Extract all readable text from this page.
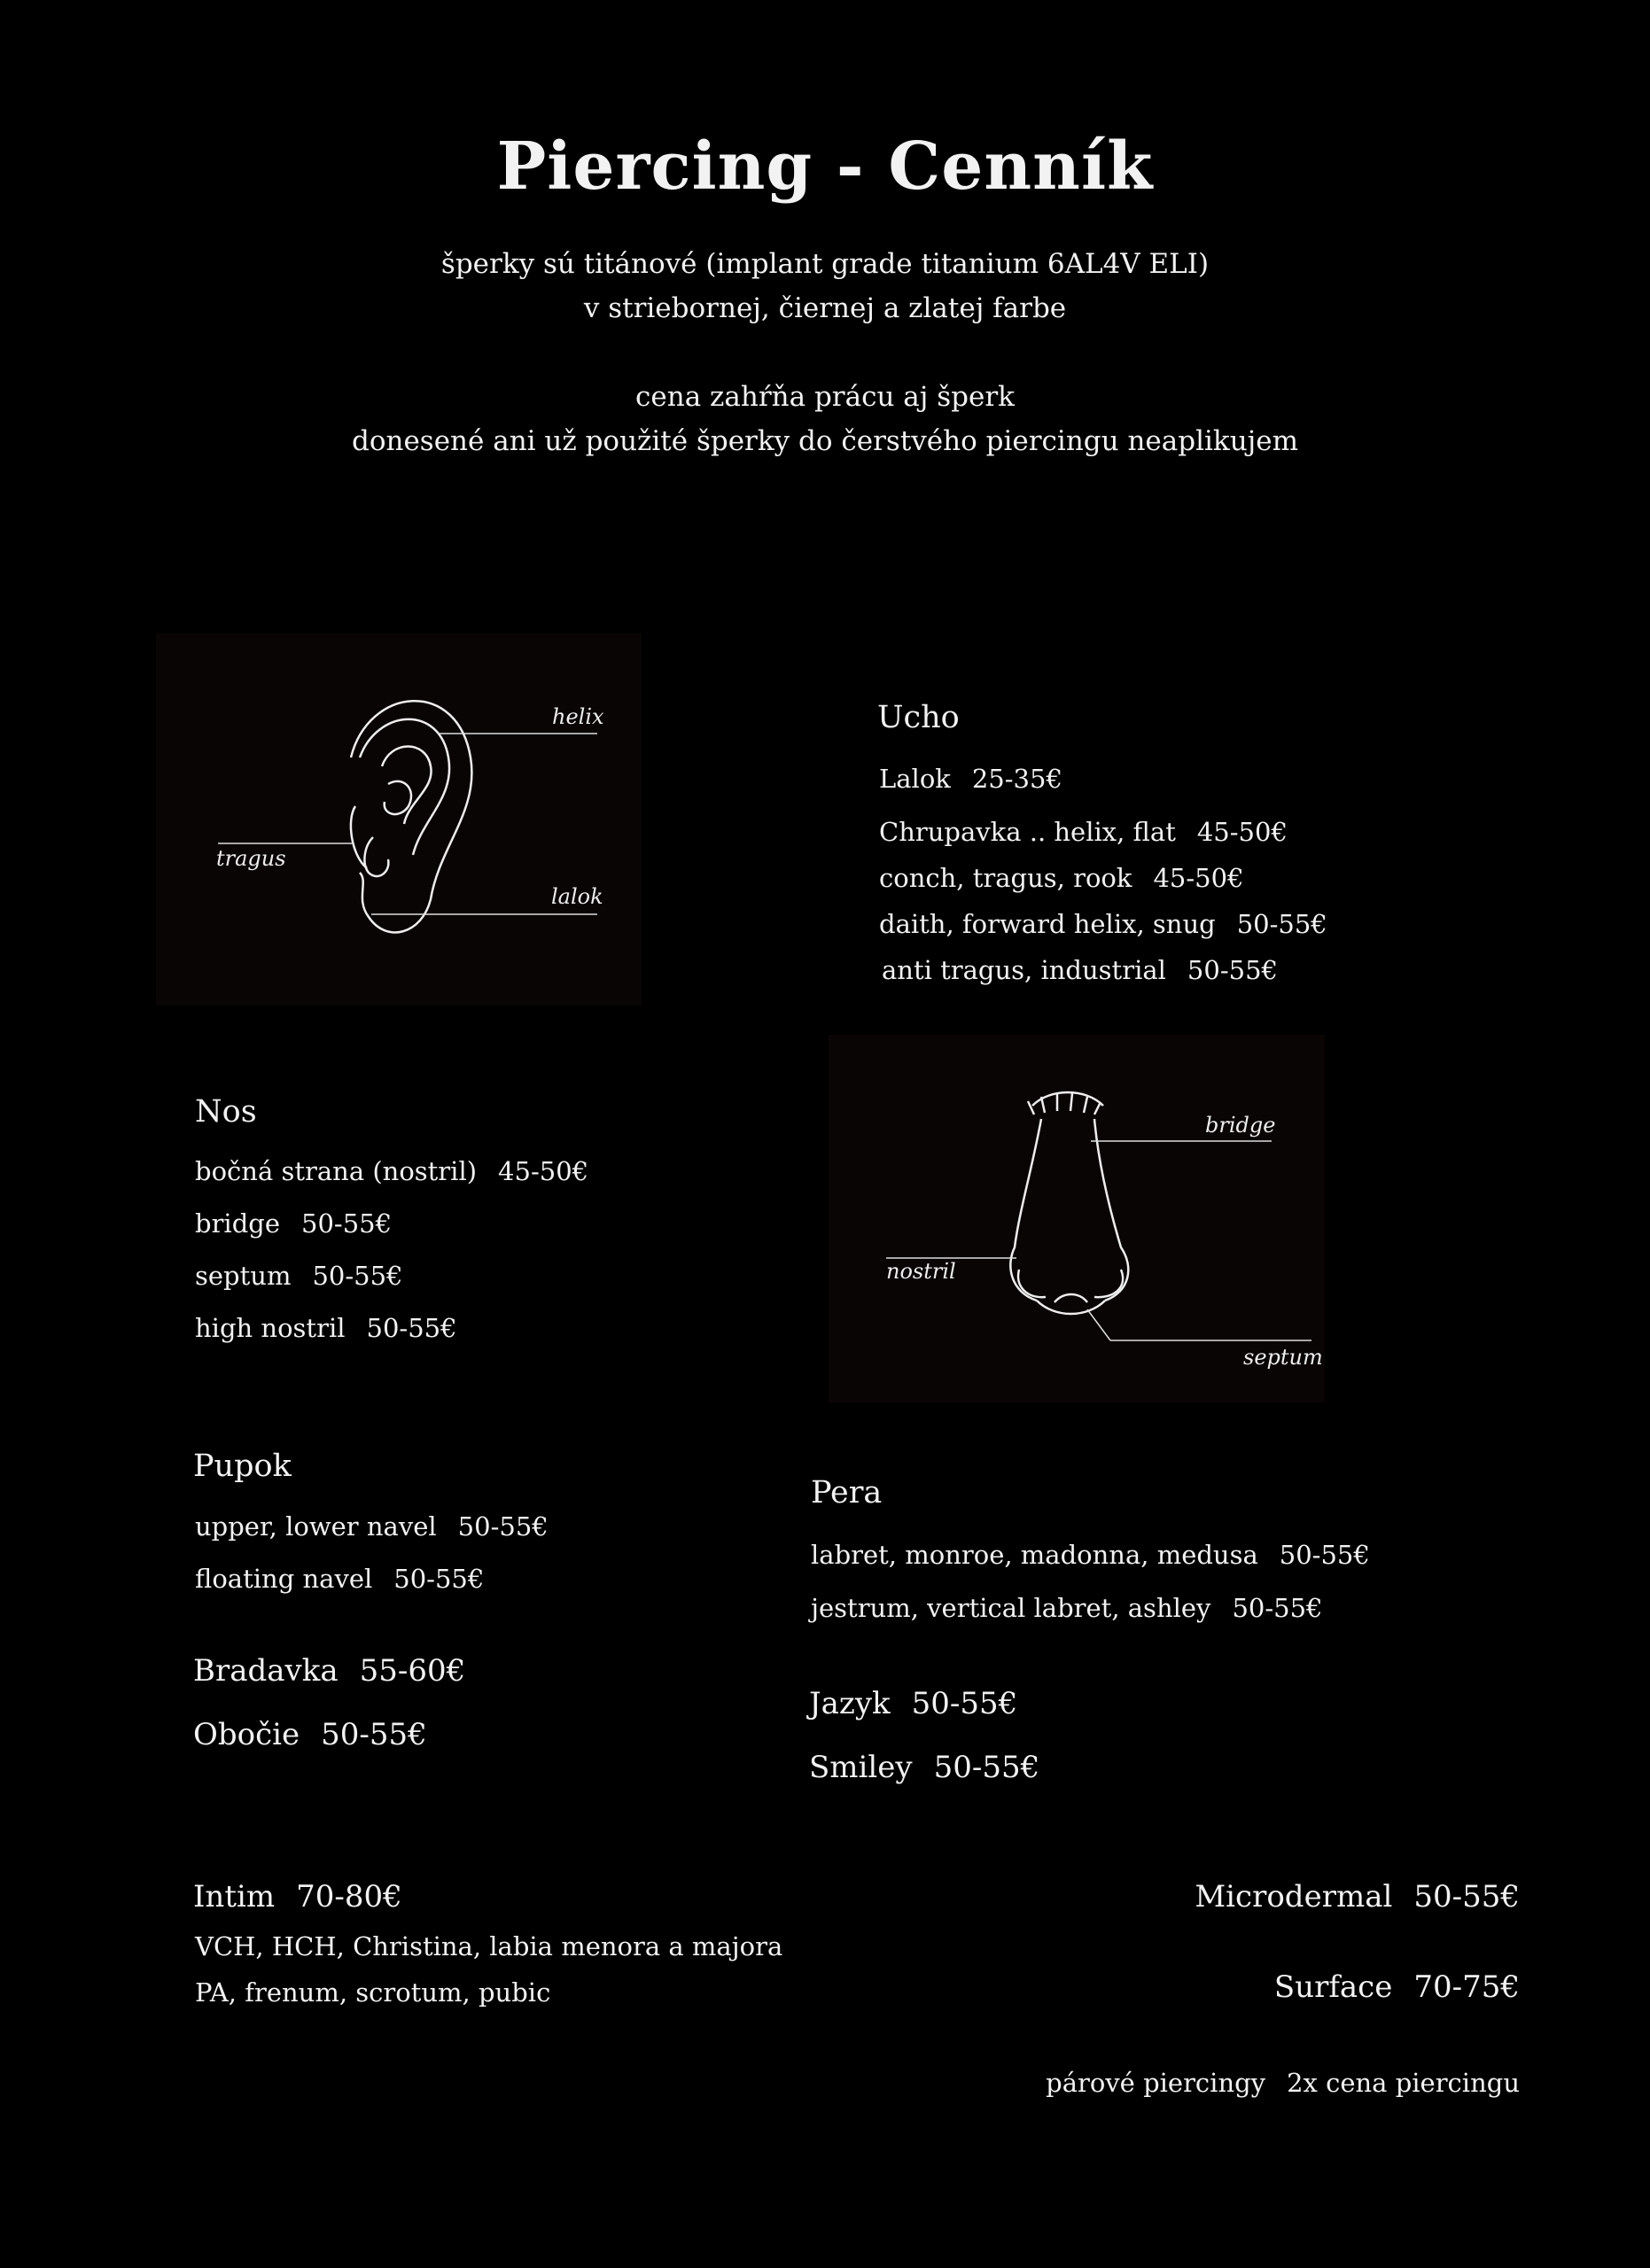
Piercing - Cenník
šperky sú titánové (implant grade titanium 6AL4V ELI)
v striebornej, čiernej a zlatej farbe
cena zahŕňa prácu aj šperk
donesené ani už použité šperky do čerstvého piercingu neaplikujem
helix
tragus
lalok
Ucho
Lalok 25-35€
Chrupavka .. helix, flat 45-50€
conch, tragus, rook 45-50€
daith, forward helix, snug 50-55€
anti tragus, industrial 50-55€
Nos
bočná strana (nostril) 45-50€
bridge 50-55€
septum 50-55€
high nostril 50-55€
bridge
nostril
septum
Pupok
upper, lower navel 50-55€
floating navel 50-55€
Bradavka 55-60€
Obočie 50-55€
Pera
labret, monroe, madonna, medusa 50-55€
jestrum, vertical labret, ashley 50-55€
Jazyk 50-55€
Smiley 50-55€
Intim 70-80€
VCH, HCH, Christina, labia menora a majora
PA, frenum, scrotum, pubic
Microdermal 50-55€
Surface 70-75€
párové piercingy 2x cena piercingu
